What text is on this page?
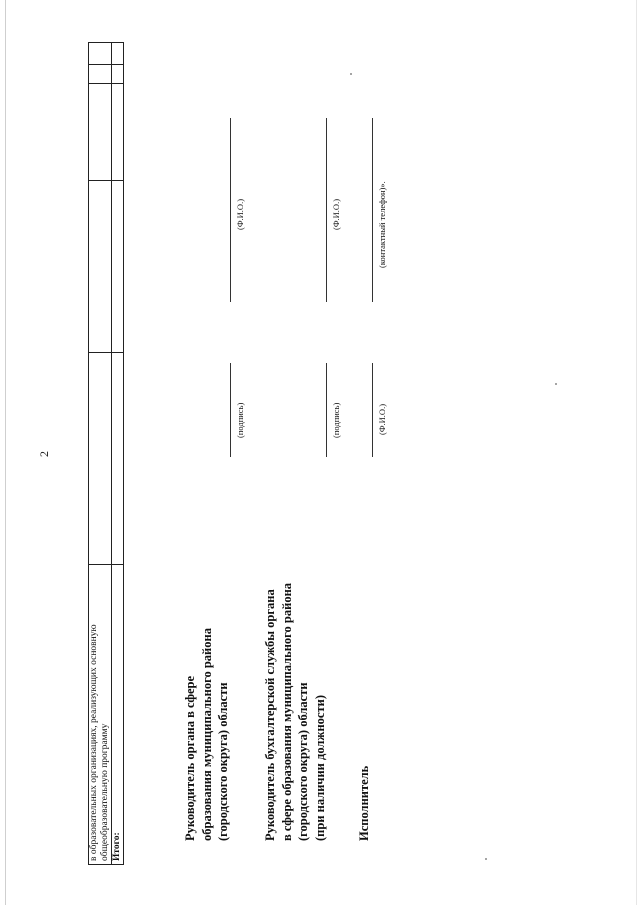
2
в образовательных организациях, реализующих основную общеобразовательную программу					
Итого:					
Руководитель органа в сфере образования муниципального района (городского округа) области
(подпись)
(Ф.И.О.)
Руководитель бухгалтерской службы органа в сфере образования муниципального района (городского округа) области (при наличии должности)
(подпись)
(Ф.И.О.)
Исполнитель
(Ф.И.О.)
(контактный телефон)».
